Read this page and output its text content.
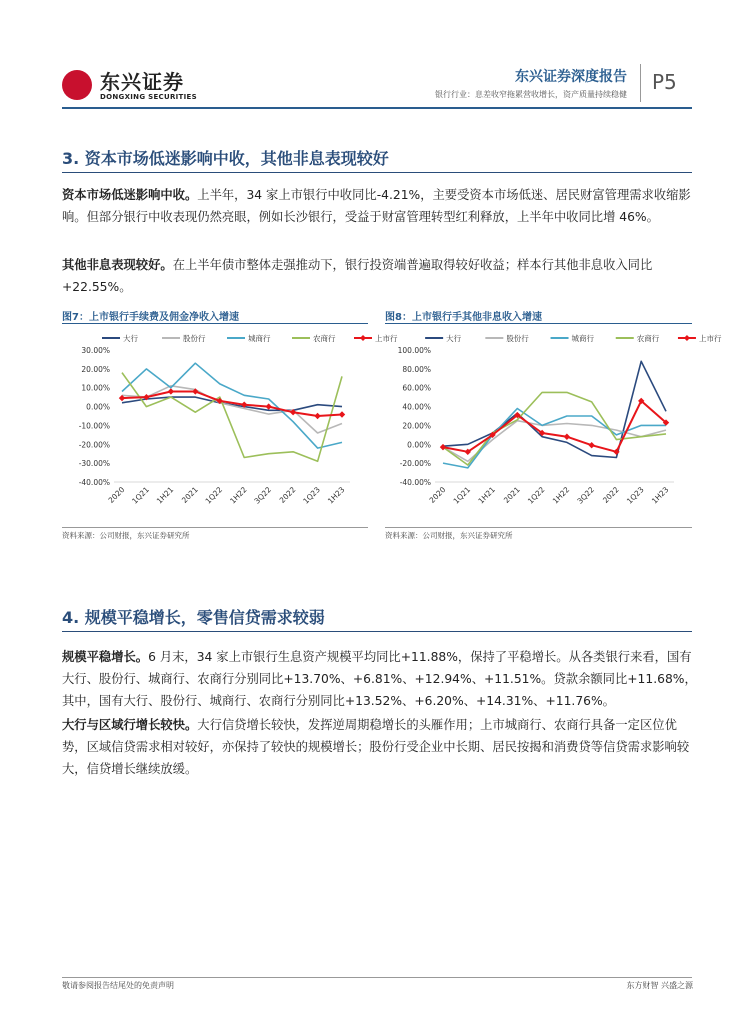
东兴证券
DONGXING SECURITIES
东兴证券深度报告
银行行业：息差收窄拖累营收增长，资产质量持续稳健
P5
3. 资本市场低迷影响中收，其他非息表现较好
资本市场低迷影响中收。上半年，34 家上市银行中收同比-4.21%，主要受资本市场低迷、居民财富管理需求收缩影响。但部分银行中收表现仍然亮眼，例如长沙银行，受益于财富管理转型红利释放，上半年中收同比增 46%。
其他非息表现较好。在上半年债市整体走强推动下，银行投资端普遍取得较好收益；样本行其他非息收入同比+22.55%。
图7：上市银行手续费及佣金净收入增速
大行	股份行	城商行	农商行	上市行
-40.00%
-30.00%
-20.00%
-10.00%
0.00%
10.00%
20.00%
30.00%
2020 1Q21 1H21 2021 1Q22 1H22 3Q22 2022 1Q23 1H23
资料来源：公司财报，东兴证券研究所
图8：上市银行手其他非息收入增速
大行	股份行	城商行	农商行	上市行
-40.00%
-20.00%
0.00%
20.00%
40.00%
60.00%
80.00%
100.00%
2020 1Q21 1H21 2021 1Q22 1H22 3Q22 2022 1Q23 1H23
资料来源：公司财报，东兴证券研究所
4. 规模平稳增长，零售信贷需求较弱
规模平稳增长。6 月末，34 家上市银行生息资产规模平均同比+11.88%，保持了平稳增长。从各类银行来看，国有大行、股份行、城商行、农商行分别同比+13.70%、+6.81%、+12.94%、+11.51%。贷款余额同比+11.68%，其中，国有大行、股份行、城商行、农商行分别同比+13.52%、+6.20%、+14.31%、+11.76%。
大行与区域行增长较快。大行信贷增长较快，发挥逆周期稳增长的头雁作用；上市城商行、农商行具备一定区位优势，区域信贷需求相对较好，亦保持了较快的规模增长；股份行受企业中长期、居民按揭和消费贷等信贷需求影响较大，信贷增长继续放缓。
敬请参阅报告结尾处的免责声明	东方财智 兴盛之源
